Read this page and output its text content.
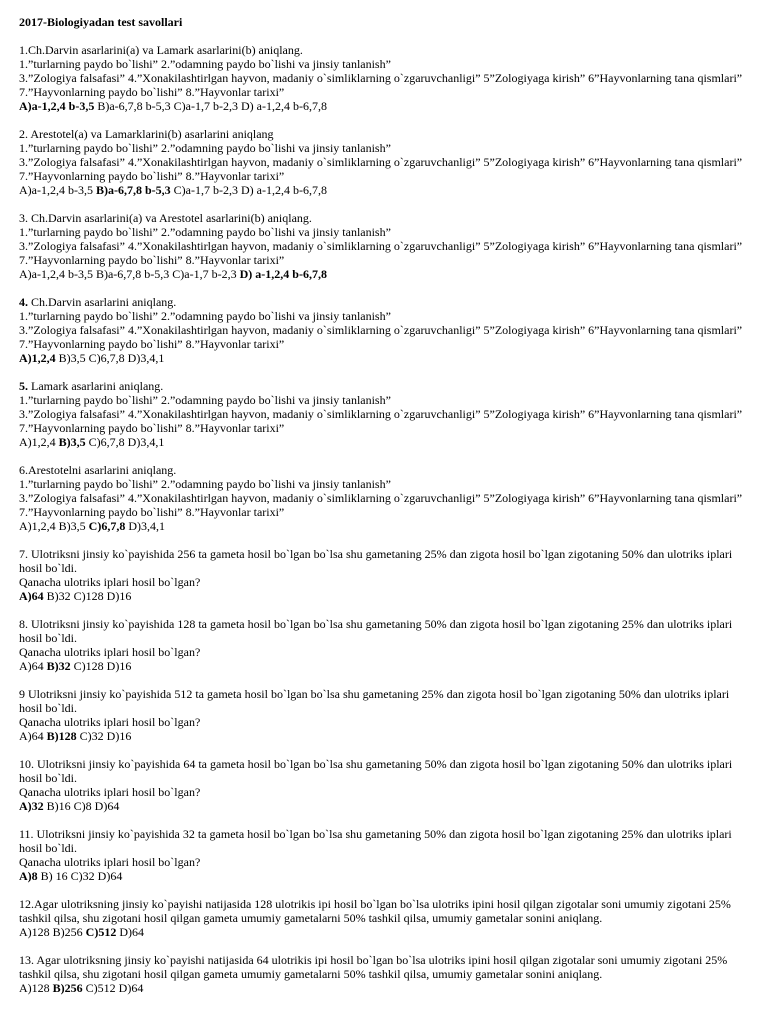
2017-Biologiyadan test savollari
1.Ch.Darvin asarlarini(a) va Lamark asarlarini(b) aniqlang.
1.”turlarning paydo bo`lishi” 2.”odamning paydo bo`lishi va jinsiy tanlanish”
3.”Zologiya falsafasi” 4.”Xonakilashtirlgan hayvon, madaniy o`simliklarning o`zgaruvchanligi” 5”Zologiyaga kirish” 6”Hayvonlarning tana qismlari” 7.”Hayvonlarning paydo bo`lishi” 8.”Hayvonlar tarixi”
A)a-1,2,4 b-3,5 B)a-6,7,8 b-5,3 C)a-1,7 b-2,3 D) a-1,2,4 b-6,7,8
2. Arestotel(a) va Lamarklarini(b) asarlarini aniqlang
1.”turlarning paydo bo`lishi” 2.”odamning paydo bo`lishi va jinsiy tanlanish”
3.”Zologiya falsafasi” 4.”Xonakilashtirlgan hayvon, madaniy o`simliklarning o`zgaruvchanligi” 5”Zologiyaga kirish” 6”Hayvonlarning tana qismlari” 7.”Hayvonlarning paydo bo`lishi” 8.”Hayvonlar tarixi”
A)a-1,2,4 b-3,5 B)a-6,7,8 b-5,3 C)a-1,7 b-2,3 D) a-1,2,4 b-6,7,8
3. Ch.Darvin asarlarini(a) va Arestotel asarlarini(b) aniqlang.
1.”turlarning paydo bo`lishi” 2.”odamning paydo bo`lishi va jinsiy tanlanish”
3.”Zologiya falsafasi” 4.”Xonakilashtirlgan hayvon, madaniy o`simliklarning o`zgaruvchanligi” 5”Zologiyaga kirish” 6”Hayvonlarning tana qismlari” 7.”Hayvonlarning paydo bo`lishi” 8.”Hayvonlar tarixi”
A)a-1,2,4 b-3,5 B)a-6,7,8 b-5,3 C)a-1,7 b-2,3 D) a-1,2,4 b-6,7,8
4. Ch.Darvin asarlarini aniqlang.
1.”turlarning paydo bo`lishi” 2.”odamning paydo bo`lishi va jinsiy tanlanish”
3.”Zologiya falsafasi” 4.”Xonakilashtirlgan hayvon, madaniy o`simliklarning o`zgaruvchanligi” 5”Zologiyaga kirish” 6”Hayvonlarning tana qismlari” 7.”Hayvonlarning paydo bo`lishi” 8.”Hayvonlar tarixi”
A)1,2,4 B)3,5 C)6,7,8 D)3,4,1
5. Lamark asarlarini aniqlang.
1.”turlarning paydo bo`lishi” 2.”odamning paydo bo`lishi va jinsiy tanlanish”
3.”Zologiya falsafasi” 4.”Xonakilashtirlgan hayvon, madaniy o`simliklarning o`zgaruvchanligi” 5”Zologiyaga kirish” 6”Hayvonlarning tana qismlari” 7.”Hayvonlarning paydo bo`lishi” 8.”Hayvonlar tarixi”
A)1,2,4 B)3,5 C)6,7,8 D)3,4,1
6.Arestotelni asarlarini aniqlang.
1.”turlarning paydo bo`lishi” 2.”odamning paydo bo`lishi va jinsiy tanlanish”
3.”Zologiya falsafasi” 4.”Xonakilashtirlgan hayvon, madaniy o`simliklarning o`zgaruvchanligi” 5”Zologiyaga kirish” 6”Hayvonlarning tana qismlari” 7.”Hayvonlarning paydo bo`lishi” 8.”Hayvonlar tarixi”
A)1,2,4 B)3,5 C)6,7,8 D)3,4,1
7. Ulotriksni jinsiy ko`payishida 256 ta gameta hosil bo`lgan bo`lsa shu gametaning 25% dan zigota hosil bo`lgan zigotaning 50% dan ulotriks iplari hosil bo`ldi.
Qanacha ulotriks iplari hosil bo`lgan?
A)64 B)32 C)128 D)16
8. Ulotriksni jinsiy ko`payishida 128 ta gameta hosil bo`lgan bo`lsa shu gametaning 50% dan zigota hosil bo`lgan zigotaning 25% dan ulotriks iplari hosil bo`ldi.
Qanacha ulotriks iplari hosil bo`lgan?
A)64 B)32 C)128 D)16
9 Ulotriksni jinsiy ko`payishida 512 ta gameta hosil bo`lgan bo`lsa shu gametaning 25% dan zigota hosil bo`lgan zigotaning 50% dan ulotriks iplari hosil bo`ldi.
Qanacha ulotriks iplari hosil bo`lgan?
A)64 B)128 C)32 D)16
10. Ulotriksni jinsiy ko`payishida 64 ta gameta hosil bo`lgan bo`lsa shu gametaning 50% dan zigota hosil bo`lgan zigotaning 50% dan ulotriks iplari hosil bo`ldi.
Qanacha ulotriks iplari hosil bo`lgan?
A)32 B)16 C)8 D)64
11. Ulotriksni jinsiy ko`payishida 32 ta gameta hosil bo`lgan bo`lsa shu gametaning 50% dan zigota hosil bo`lgan zigotaning 25% dan ulotriks iplari hosil bo`ldi.
Qanacha ulotriks iplari hosil bo`lgan?
A)8 B) 16 C)32 D)64
12.Agar ulotriksning jinsiy ko`payishi natijasida 128 ulotrikis ipi hosil bo`lgan bo`lsa ulotriks ipini hosil qilgan zigotalar soni umumiy zigotani 25% tashkil qilsa, shu zigotani hosil qilgan gameta umumiy gametalarni 50% tashkil qilsa, umumiy gametalar sonini aniqlang.
A)128 B)256 C)512 D)64
13. Agar ulotriksning jinsiy ko`payishi natijasida 64 ulotrikis ipi hosil bo`lgan bo`lsa ulotriks ipini hosil qilgan zigotalar soni umumiy zigotani 25% tashkil qilsa, shu zigotani hosil qilgan gameta umumiy gametalarni 50% tashkil qilsa, umumiy gametalar sonini aniqlang.
A)128 B)256 C)512 D)64
